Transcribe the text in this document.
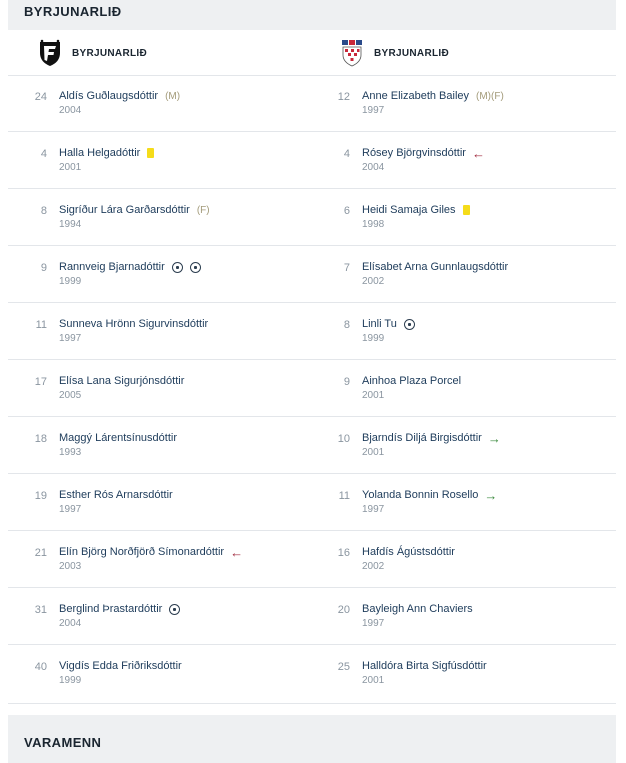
BYRJUNARLIÐ
BYRJUNARLIÐ	BYRJUNARLIÐ
24 Aldís Guðlaugsdóttir (M)
2004
12 Anne Elizabeth Bailey (M)(F)
1997
4 Halla Helgadóttir
2001
4 Rósey Björgvinsdóttir ←
2004
8 Sigríður Lára Garðarsdóttir (F)
1994
6 Heidi Samaja Giles
1998
9 Rannveig Bjarnadóttir
1999
7 Elísabet Arna Gunnlaugsdóttir
2002
11 Sunneva Hrönn Sigurvinsdóttir
1997
8 Linli Tu
1999
17 Elísa Lana Sigurjónsdóttir
2005
9 Ainhoa Plaza Porcel
2001
18 Maggý Lárentsínusdóttir
1993
10 Bjarndís Diljá Birgisdóttir →
2001
19 Esther Rós Arnarsdóttir
1997
11 Yolanda Bonnin Rosello →
1997
21 Elín Björg Norðfjörð Símonardóttir ←
2003
16 Hafdís Ágústsdóttir
2002
31 Berglind Þrastardóttir
2004
20 Bayleigh Ann Chaviers
1997
40 Vigdís Edda Friðriksdóttir
1999
25 Halldóra Birta Sigfúsdóttir
2001
VARAMENN
